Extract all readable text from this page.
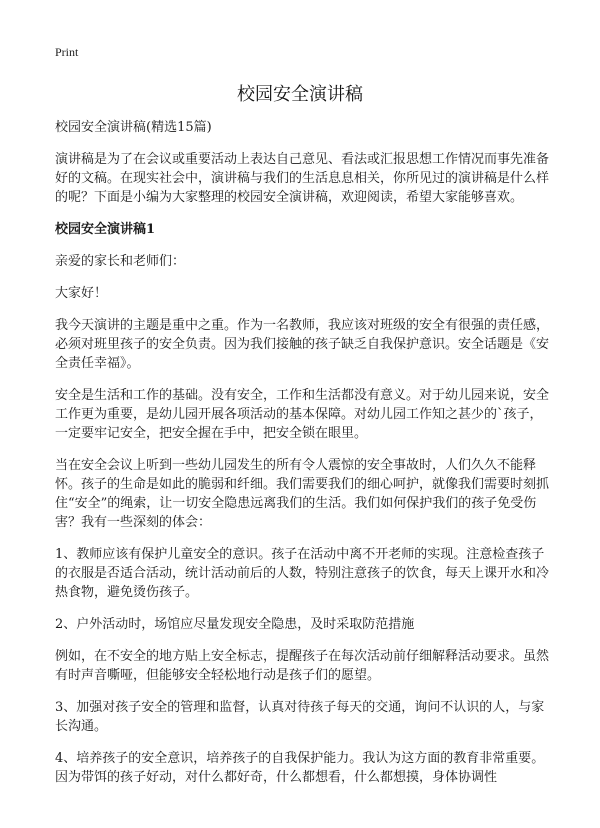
Print
校园安全演讲稿

校园安全演讲稿(精选15篇)

演讲稿是为了在会议或重要活动上表达自己意见、看法或汇报思想工作情况而事先准备好的文稿。在现实社会中，演讲稿与我们的生活息息相关，你所见过的演讲稿是什么样的呢？下面是小编为大家整理的校园安全演讲稿，欢迎阅读，希望大家能够喜欢。

校园安全演讲稿1

亲爱的家长和老师们：

大家好！

我今天演讲的主题是重中之重。作为一名教师，我应该对班级的安全有很强的责任感，必须对班里孩子的安全负责。因为我们接触的孩子缺乏自我保护意识。安全话题是《安全责任幸福》。

安全是生活和工作的基础。没有安全，工作和生活都没有意义。对于幼儿园来说，安全工作更为重要，是幼儿园开展各项活动的基本保障。对幼儿园工作知之甚少的`孩子，一定要牢记安全，把安全握在手中，把安全锁在眼里。

当在安全会议上听到一些幼儿园发生的所有令人震惊的安全事故时，人们久久不能释怀。孩子的生命是如此的脆弱和纤细。我们需要我们的细心呵护，就像我们需要时刻抓住“安全”的绳索，让一切安全隐患远离我们的生活。我们如何保护我们的孩子免受伤害？我有一些深刻的体会：

1、教师应该有保护儿童安全的意识。孩子在活动中离不开老师的实现。注意检查孩子的衣服是否适合活动，统计活动前后的人数，特别注意孩子的饮食，每天上课开水和冷热食物，避免烫伤孩子。

2、户外活动时，场馆应尽量发现安全隐患，及时采取防范措施

例如，在不安全的地方贴上安全标志，提醒孩子在每次活动前仔细解释活动要求。虽然有时声音嘶哑，但能够安全轻松地行动是孩子们的愿望。

3、加强对孩子安全的管理和监督，认真对待孩子每天的交通，询问不认识的人，与家长沟通。

4、培养孩子的安全意识，培养孩子的自我保护能力。我认为这方面的教育非常重要。因为带饵的孩子好动，对什么都好奇，什么都想看，什么都想摸，身体协调性
